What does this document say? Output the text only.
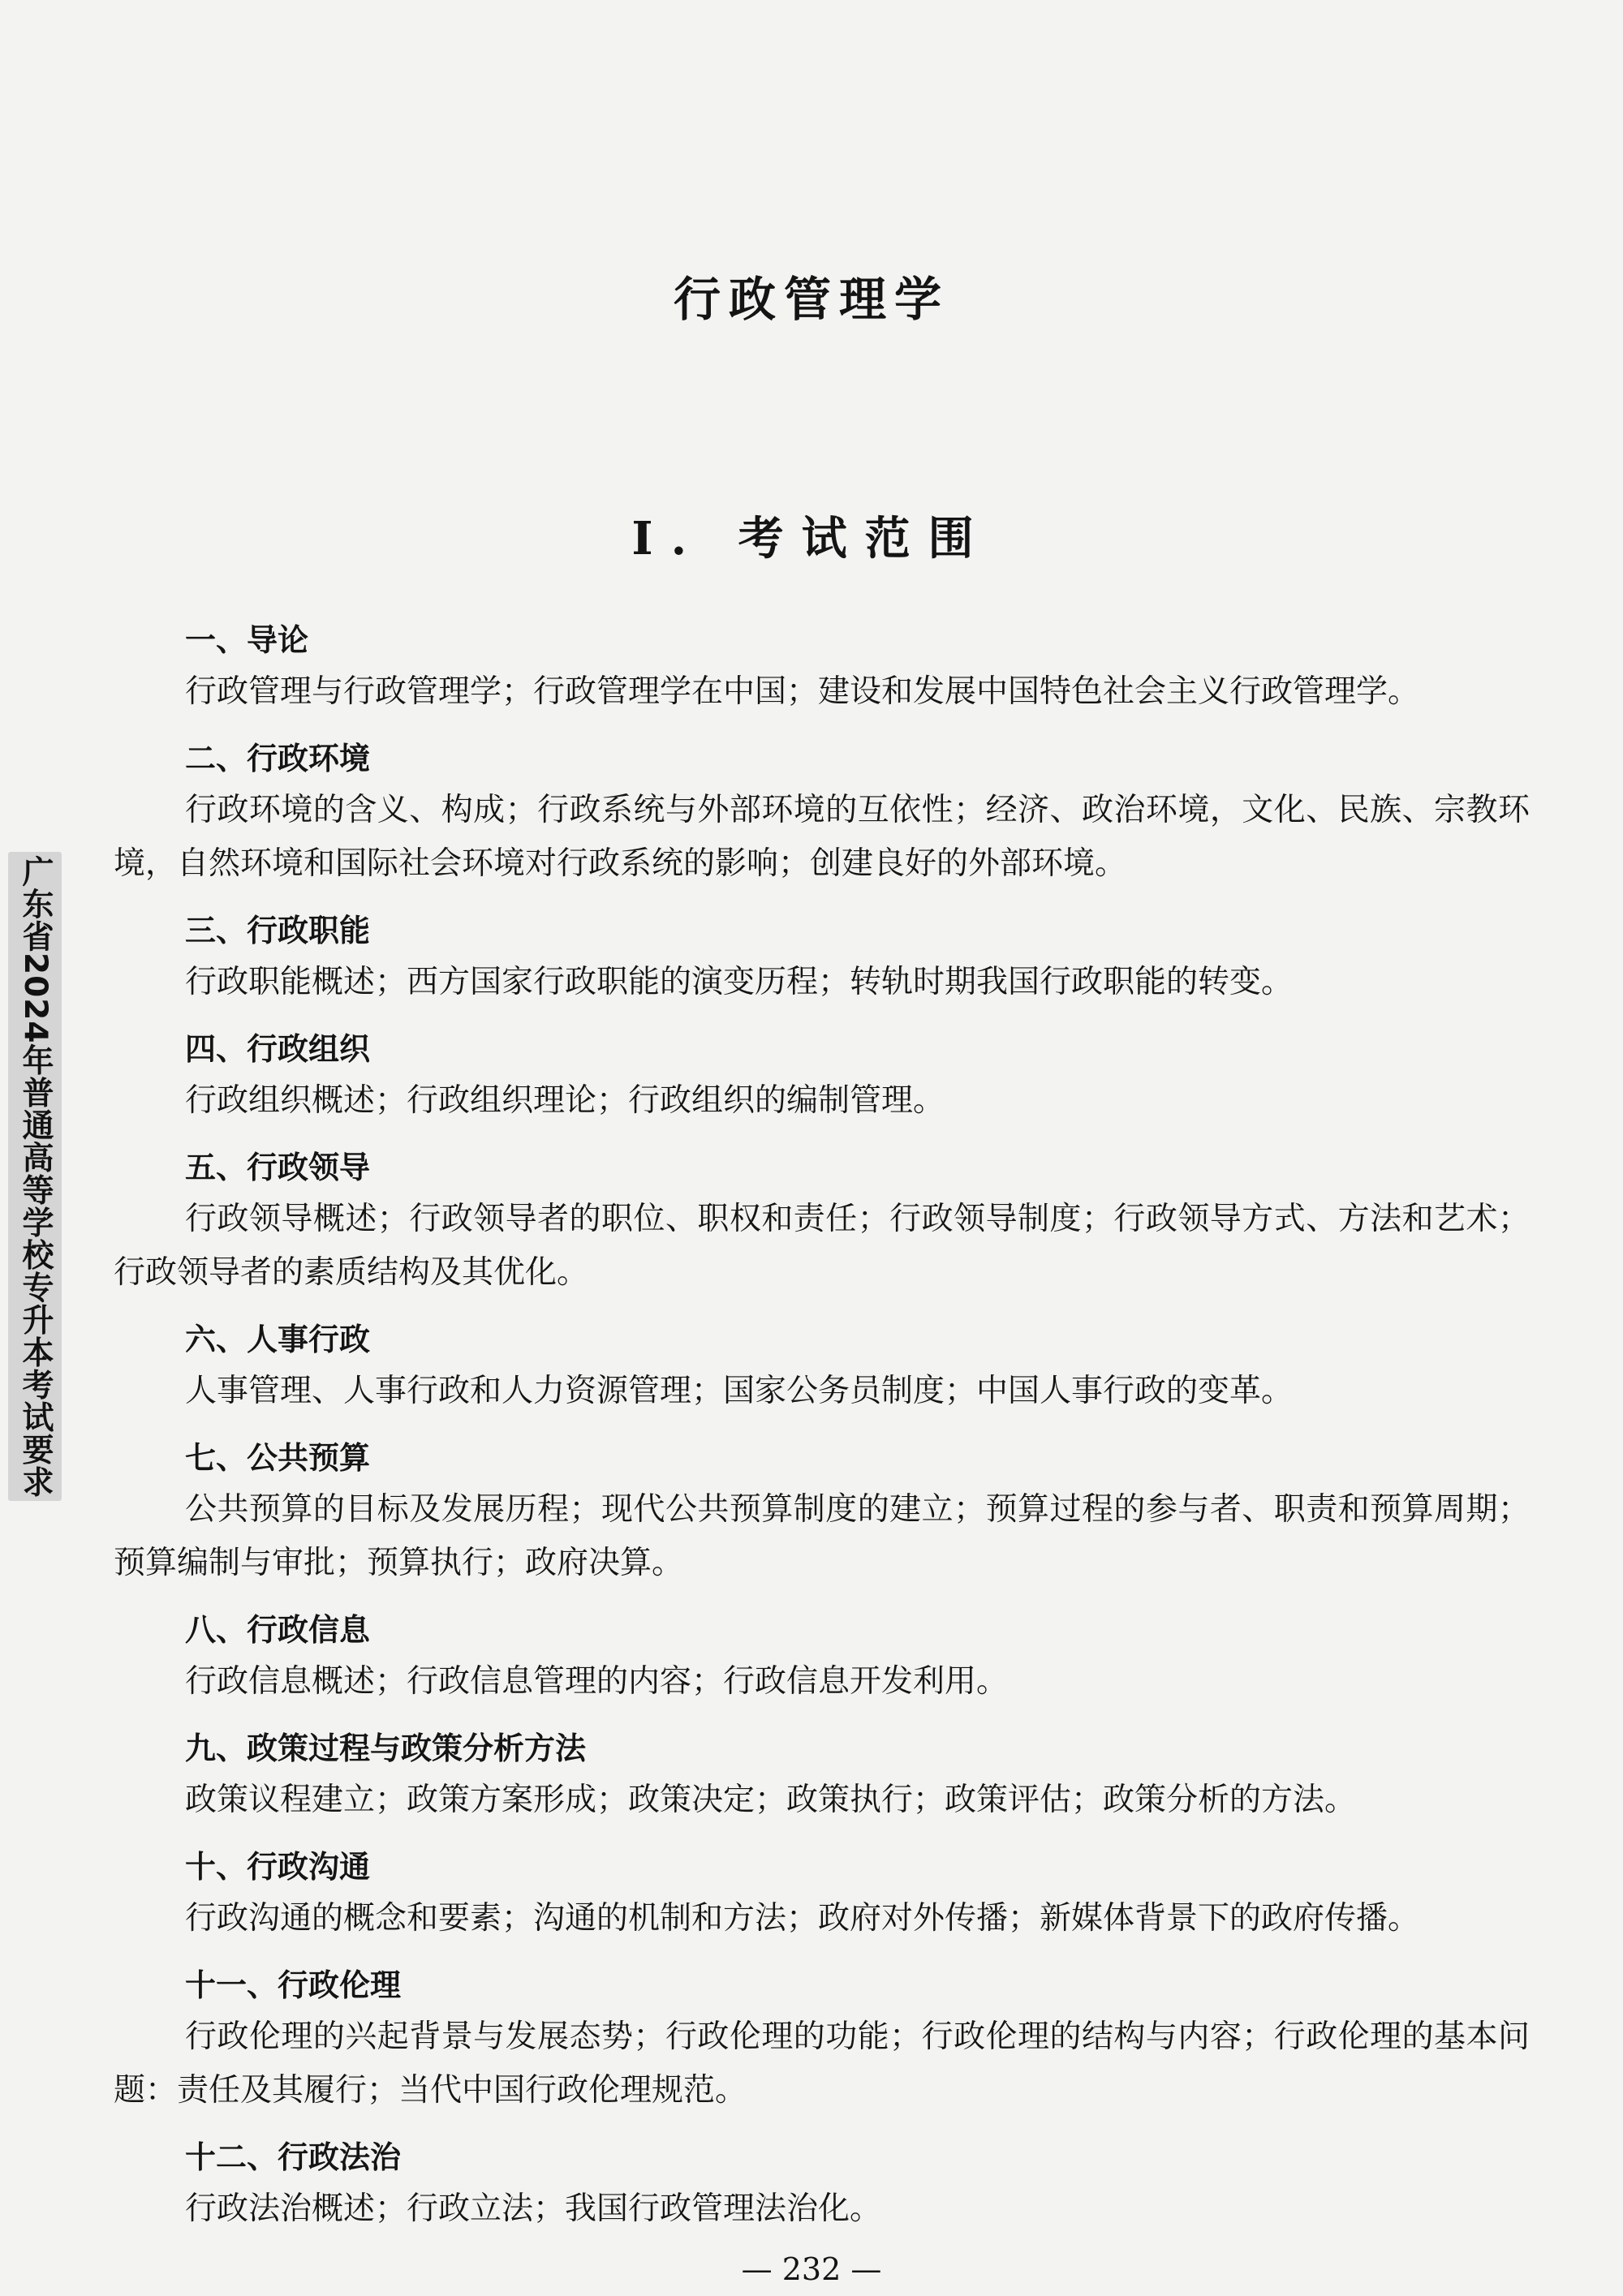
行政管理学
I. 考试范围
广东省2024年普通高等学校专升本考试要求
一、导论
行政管理与行政管理学；行政管理学在中国；建设和发展中国特色社会主义行政管理学。
二、行政环境
行政环境的含义、构成；行政系统与外部环境的互依性；经济、政治环境，文化、民族、宗教环境，自然环境和国际社会环境对行政系统的影响；创建良好的外部环境。
三、行政职能
行政职能概述；西方国家行政职能的演变历程；转轨时期我国行政职能的转变。
四、行政组织
行政组织概述；行政组织理论；行政组织的编制管理。
五、行政领导
行政领导概述；行政领导者的职位、职权和责任；行政领导制度；行政领导方式、方法和艺术；行政领导者的素质结构及其优化。
六、人事行政
人事管理、人事行政和人力资源管理；国家公务员制度；中国人事行政的变革。
七、公共预算
公共预算的目标及发展历程；现代公共预算制度的建立；预算过程的参与者、职责和预算周期；预算编制与审批；预算执行；政府决算。
八、行政信息
行政信息概述；行政信息管理的内容；行政信息开发利用。
九、政策过程与政策分析方法
政策议程建立；政策方案形成；政策决定；政策执行；政策评估；政策分析的方法。
十、行政沟通
行政沟通的概念和要素；沟通的机制和方法；政府对外传播；新媒体背景下的政府传播。
十一、行政伦理
行政伦理的兴起背景与发展态势；行政伦理的功能；行政伦理的结构与内容；行政伦理的基本问题：责任及其履行；当代中国行政伦理规范。
十二、行政法治
行政法治概述；行政立法；我国行政管理法治化。
— 232 —
